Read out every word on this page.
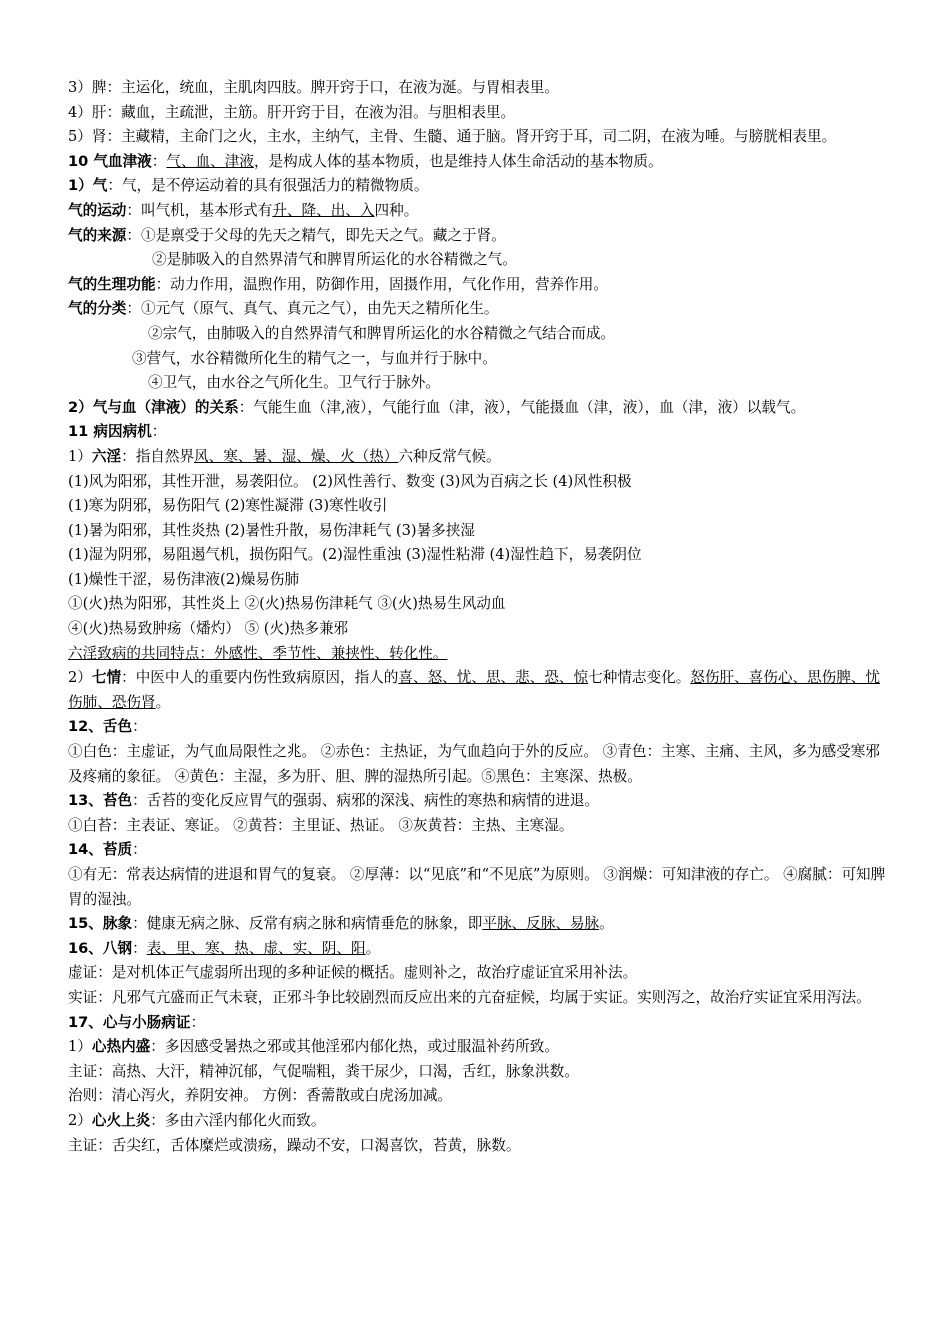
3）脾：主运化，统血，主肌肉四肢。脾开窍于口，在液为涎。与胃相表里。
4）肝：藏血，主疏泄，主筋。肝开窍于目，在液为泪。与胆相表里。
5）肾：主藏精，主命门之火，主水，主纳气，主骨、生髓、通于脑。肾开窍于耳，司二阴，在液为唾。与膀胱相表里。
10 气血津液：气、血、津液，是构成人体的基本物质，也是维持人体生命活动的基本物质。
1）气：气，是不停运动着的具有很强活力的精微物质。
气的运动：叫气机，基本形式有升、降、出、入四种。
气的来源：①是禀受于父母的先天之精气，即先天之气。藏之于肾。
②是肺吸入的自然界清气和脾胃所运化的水谷精微之气。
气的生理功能：动力作用，温煦作用，防御作用，固摄作用，气化作用，营养作用。
气的分类：①元气（原气、真气、真元之气），由先天之精所化生。
②宗气，由肺吸入的自然界清气和脾胃所运化的水谷精微之气结合而成。
③营气，水谷精微所化生的精气之一，与血并行于脉中。
④卫气，由水谷之气所化生。卫气行于脉外。
2）气与血（津液）的关系：气能生血（津,液），气能行血（津，液），气能摄血（津，液），血（津，液）以载气。
11 病因病机：
1）六淫：指自然界风、寒、暑、湿、燥、火（热）六种反常气候。
(1)风为阳邪，其性开泄，易袭阳位。 (2)风性善行、数变 (3)风为百病之长 (4)风性积极
(1)寒为阴邪，易伤阳气 (2)寒性凝滞 (3)寒性收引
(1)暑为阳邪，其性炎热 (2)暑性升散，易伤津耗气 (3)暑多挟湿
(1)湿为阴邪，易阻遏气机，损伤阳气。(2)湿性重浊 (3)湿性粘滞 (4)湿性趋下，易袭阴位
(1)燥性干涩，易伤津液(2)燥易伤肺
①(火)热为阳邪，其性炎上 ②(火)热易伤津耗气 ③(火)热易生风动血
④(火)热易致肿疡（燔灼） ⑤ (火)热多兼邪
六淫致病的共同特点：外感性、季节性、兼挟性、转化性。
2）七情：中医中人的重要内伤性致病原因，指人的喜、怒、忧、思、悲、恐、惊七种情志变化。怒伤肝、喜伤心、思伤脾、忧伤肺、恐伤肾。
12、舌色：
①白色：主虚证，为气血局限性之兆。 ②赤色：主热证，为气血趋向于外的反应。 ③青色：主寒、主痛、主风，多为感受寒邪及疼痛的象征。 ④黄色：主湿，多为肝、胆、脾的湿热所引起。⑤黑色：主寒深、热极。
13、苔色：舌苔的变化反应胃气的强弱、病邪的深浅、病性的寒热和病情的进退。
①白苔：主表证、寒证。 ②黄苔：主里证、热证。 ③灰黄苔：主热、主寒湿。
14、苔质：
①有无：常表达病情的进退和胃气的复衰。 ②厚薄：以“见底”和“不见底”为原则。 ③润燥：可知津液的存亡。 ④腐腻：可知脾胃的湿浊。
15、脉象：健康无病之脉、反常有病之脉和病情垂危的脉象，即平脉、反脉、易脉。
16、八钢：表、里、寒、热、虚、实、阴、阳。
虚证：是对机体正气虚弱所出现的多种证候的概括。虚则补之，故治疗虚证宜采用补法。
实证：凡邪气亢盛而正气未衰，正邪斗争比较剧烈而反应出来的亢奋症候，均属于实证。实则泻之，故治疗实证宜采用泻法。
17、心与小肠病证：
1）心热内盛：多因感受暑热之邪或其他淫邪内郁化热，或过服温补药所致。
主证：高热、大汗，精神沉郁，气促喘粗，粪干尿少，口渴，舌红，脉象洪数。
治则：清心泻火，养阴安神。 方例：香薷散或白虎汤加减。
2）心火上炎：多由六淫内郁化火而致。
主证：舌尖红，舌体糜烂或溃疡，躁动不安，口渴喜饮，苔黄，脉数。
